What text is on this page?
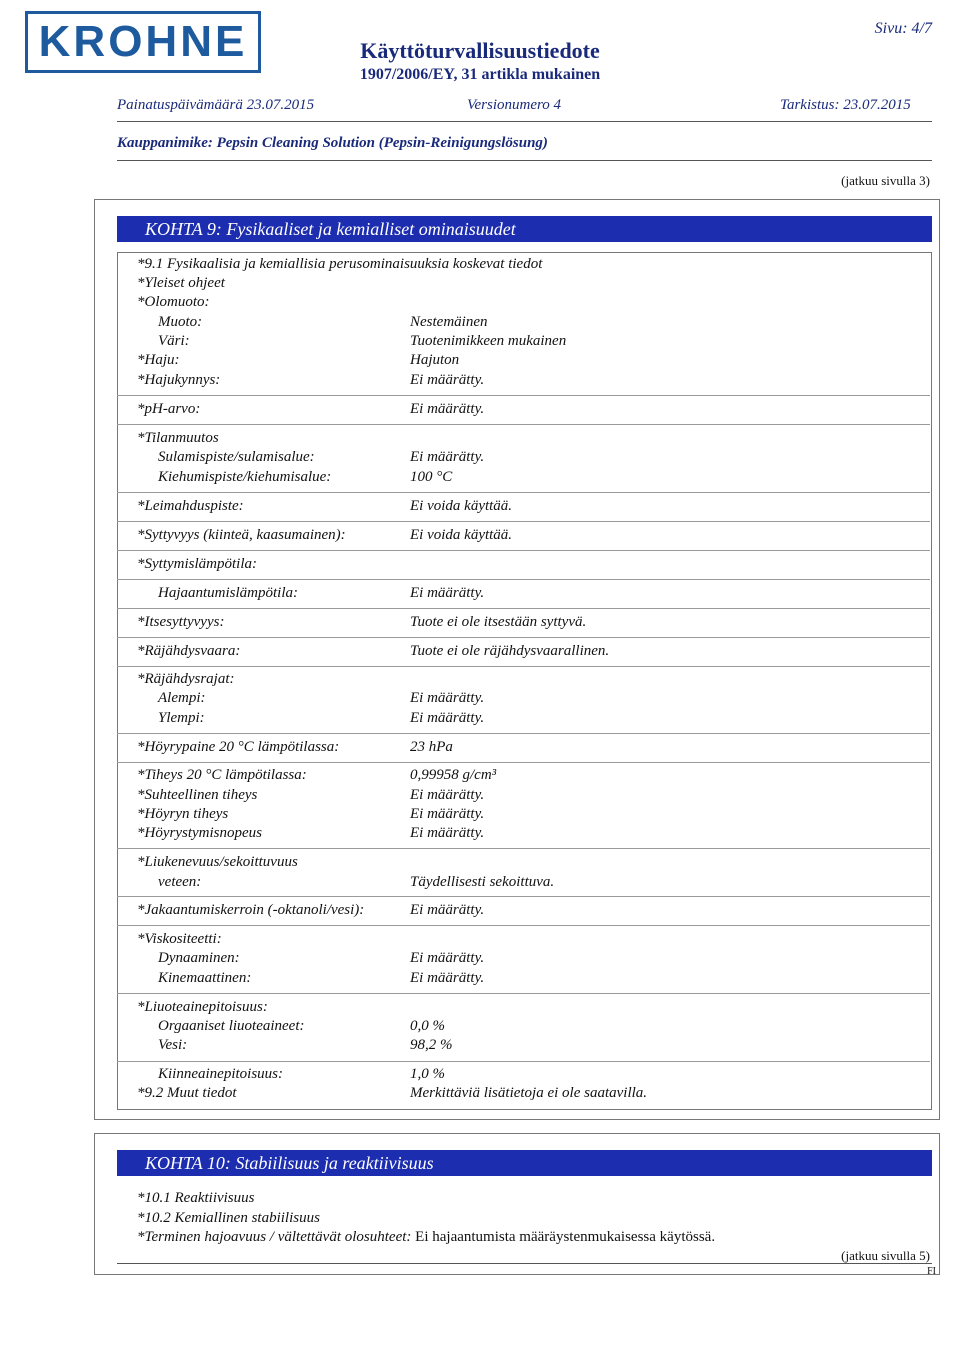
KROHNE	Käyttöturvallisuustiedote
1907/2006/EY, 31 artikla mukainen
Sivu: 4/7
Painatuspäivämäärä 23.07.2015	Versionumero 4	Tarkistus: 23.07.2015
Kauppanimike: Pepsin Cleaning Solution (Pepsin-Reinigungslösung)
(jatkuu sivulla 3)
KOHTA 9: Fysikaaliset ja kemialliset ominaisuudet
*9.1 Fysikaalisia ja kemiallisia perusominaisuuksia koskevat tiedot
*Yleiset ohjeet
*Olomuoto:
Muoto:	Nestemäinen
Väri:	Tuotenimikkeen mukainen
*Haju:	Hajuton
*Hajukynnys:	Ei määrätty.
*pH-arvo:	Ei määrätty.
*Tilanmuutos
Sulamispiste/sulamisalue:	Ei määrätty.
Kiehumispiste/kiehumisalue:	100 °C
*Leimahduspiste:	Ei voida käyttää.
*Syttyvyys (kiinteä, kaasumainen):	Ei voida käyttää.
*Syttymislämpötila:
Hajaantumislämpötila:	Ei määrätty.
*Itsesyttyvyys:	Tuote ei ole itsestään syttyvä.
*Räjähdysvaara:	Tuote ei ole räjähdysvaarallinen.
*Räjähdysrajat:
Alempi:	Ei määrätty.
Ylempi:	Ei määrätty.
*Höyrypaine 20 °C lämpötilassa:	23 hPa
*Tiheys 20 °C lämpötilassa:	0,99958 g/cm³
*Suhteellinen tiheys	Ei määrätty.
*Höyryn tiheys	Ei määrätty.
*Höyrystymisnopeus	Ei määrätty.
*Liukenevuus/sekoittuvuus
veteen:	Täydellisesti sekoittuva.
*Jakaantumiskerroin (-oktanoli/vesi):	Ei määrätty.
*Viskositeetti:
Dynaaminen:	Ei määrätty.
Kinemaattinen:	Ei määrätty.
*Liuoteainepitoisuus:
Orgaaniset liuoteaineet:	0,0 %
Vesi:	98,2 %
Kiinneainepitoisuus:	1,0 %
*9.2 Muut tiedot	Merkittäviä lisätietoja ei ole saatavilla.
KOHTA 10: Stabiilisuus ja reaktiivisuus
*10.1 Reaktiivisuus
*10.2 Kemiallinen stabiilisuus
*Terminen hajoavuus / vältettävät olosuhteet: Ei hajaantumista määräystenmukaisessa käytössä.
(jatkuu sivulla 5)
FI
